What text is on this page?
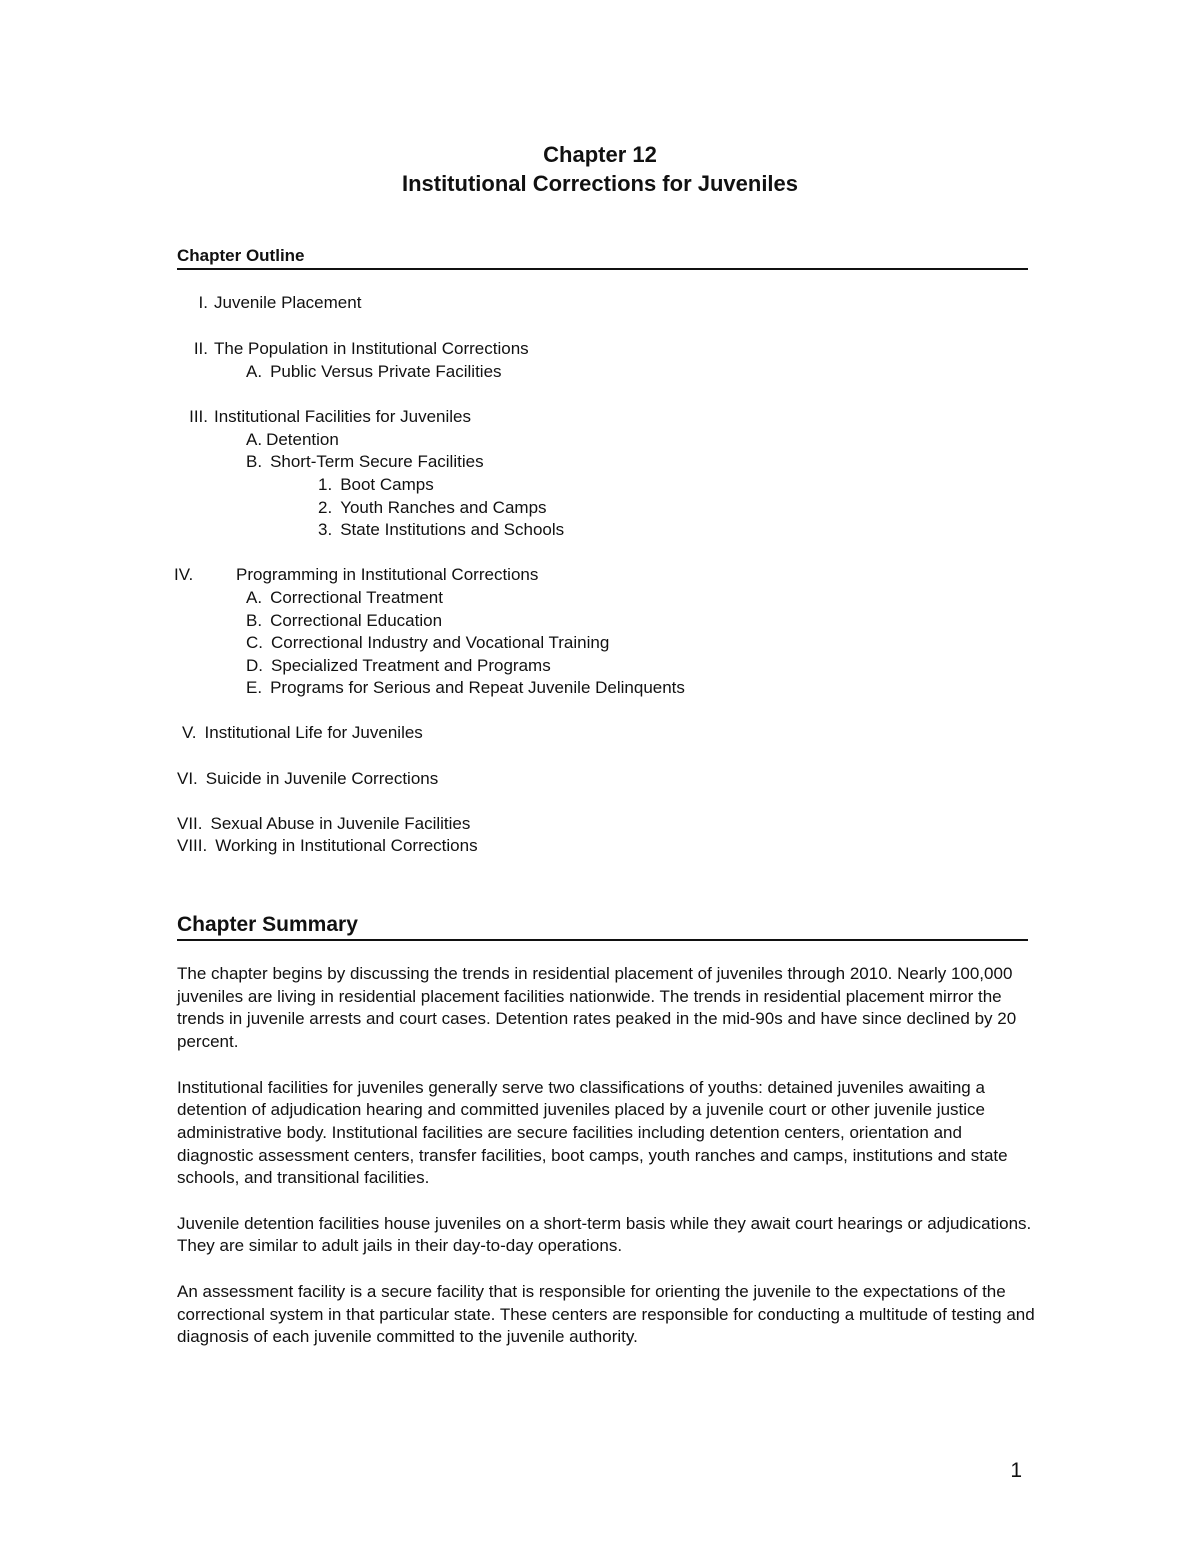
Chapter 12

Institutional Corrections for Juveniles

Chapter Outline
I. Juvenile Placement
II. The Population in Institutional Corrections
A. Public Versus Private Facilities
III. Institutional Facilities for Juveniles
A. Detention
B. Short-Term Secure Facilities
1. Boot Camps
2. Youth Ranches and Camps
3. State Institutions and Schools
IV.	Programming in Institutional Corrections
A. Correctional Treatment
B. Correctional Education
C. Correctional Industry and Vocational Training
D. Specialized Treatment and Programs
E. Programs for Serious and Repeat Juvenile Delinquents
V. Institutional Life for Juveniles
VI. Suicide in Juvenile Corrections
VII. Sexual Abuse in Juvenile Facilities
VIII. Working in Institutional Corrections
Chapter Summary

The chapter begins by discussing the trends in residential placement of juveniles through 2010. Nearly 100,000 juveniles are living in residential placement facilities nationwide. The trends in residential placement mirror the trends in juvenile arrests and court cases. Detention rates peaked in the mid-90s and have since declined by 20 percent.

Institutional facilities for juveniles generally serve two classifications of youths: detained juveniles awaiting a detention of adjudication hearing and committed juveniles placed by a juvenile court or other juvenile justice administrative body. Institutional facilities are secure facilities including detention centers, orientation and diagnostic assessment centers, transfer facilities, boot camps, youth ranches and camps, institutions and state schools, and transitional facilities.

Juvenile detention facilities house juveniles on a short-term basis while they await court hearings or adjudications. They are similar to adult jails in their day-to-day operations.

An assessment facility is a secure facility that is responsible for orienting the juvenile to the expectations of the correctional system in that particular state. These centers are responsible for conducting a multitude of testing and diagnosis of each juvenile committed to the juvenile authority.

1
